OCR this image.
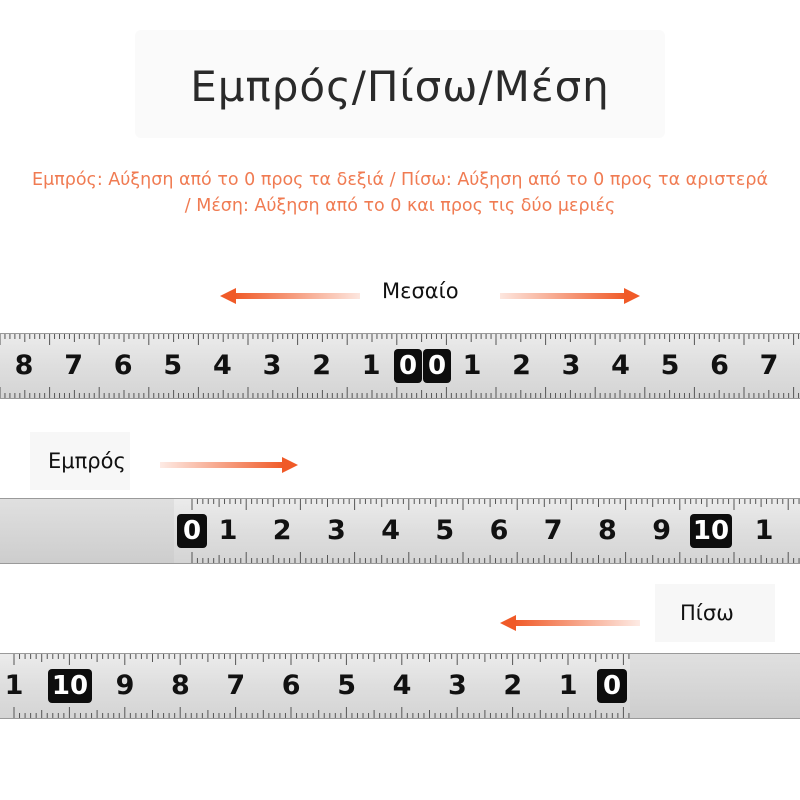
Εμπρός/Πίσω/Μέση
Εμπρός: Αύξηση από το 0 προς τα δεξιά / Πίσω: Αύξηση από το 0 προς τα αριστερά / Μέση: Αύξηση από το 0 και προς τις δύο μεριές
Μεσαίο
8 7 6 5 4 3 2 1 0 0 1 2 3 4 5 6 7
Εμπρός
0 1 2 3 4 5 6 7 8 9 10 1
Πίσω
1 10 9 8 7 6 5 4 3 2 1 0
